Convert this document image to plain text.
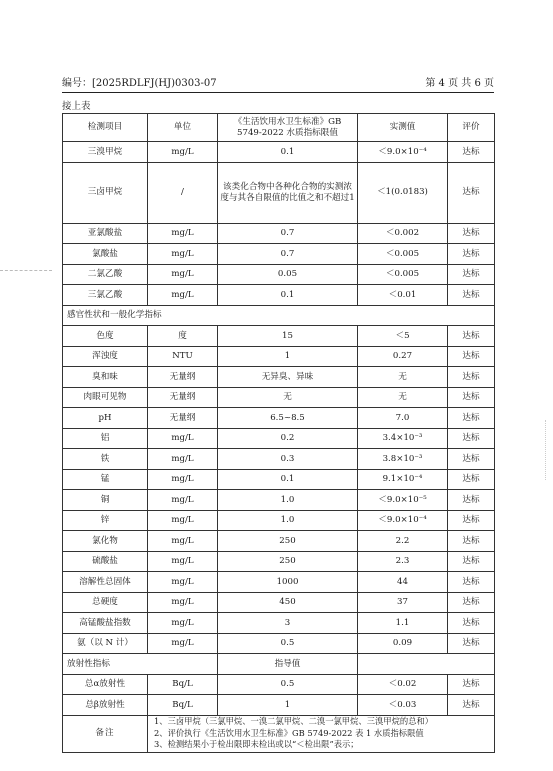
编号：[2025RDLFJ(HJ)0303-07	第 4 页 共 6 页
接上表
检测项目	单位	《生活饮用水卫生标准》GB 5749-2022 水质指标限值	实测值	评价
三溴甲烷	mg/L	0.1	＜9.0×10⁻⁴	达标
三卤甲烷	/	该类化合物中各种化合物的实测浓度与其各自限值的比值之和不超过1	＜1(0.0183)	达标
亚氯酸盐	mg/L	0.7	＜0.002	达标
氯酸盐	mg/L	0.7	＜0.005	达标
二氯乙酸	mg/L	0.05	＜0.005	达标
三氯乙酸	mg/L	0.1	＜0.01	达标
感官性状和一般化学指标				
色度	度	15	＜5	达标
浑浊度	NTU	1	0.27	达标
臭和味	无量纲	无异臭、异味	无	达标
肉眼可见物	无量纲	无	无	达标
pH	无量纲	6.5~8.5	7.0	达标
铝	mg/L	0.2	3.4×10⁻³	达标
铁	mg/L	0.3	3.8×10⁻³	达标
锰	mg/L	0.1	9.1×10⁻⁴	达标
铜	mg/L	1.0	＜9.0×10⁻⁵	达标
锌	mg/L	1.0	＜9.0×10⁻⁴	达标
氯化物	mg/L	250	2.2	达标
硫酸盐	mg/L	250	2.3	达标
溶解性总固体	mg/L	1000	44	达标
总硬度	mg/L	450	37	达标
高锰酸盐指数	mg/L	3	1.1	达标
氨（以 N 计）	mg/L	0.5	0.09	达标
放射性指标		指导值		
总α放射性	Bq/L	0.5	＜0.02	达标
总β放射性	Bq/L	1	＜0.03	达标
备注	1、三卤甲烷（三氯甲烷、一溴二氯甲烷、二溴一氯甲烷、三溴甲烷的总和）
2、评价执行《生活饮用水卫生标准》GB 5749-2022 表 1 水质指标限值
3、检测结果小于检出限即未检出或以“＜检出限”表示；			
